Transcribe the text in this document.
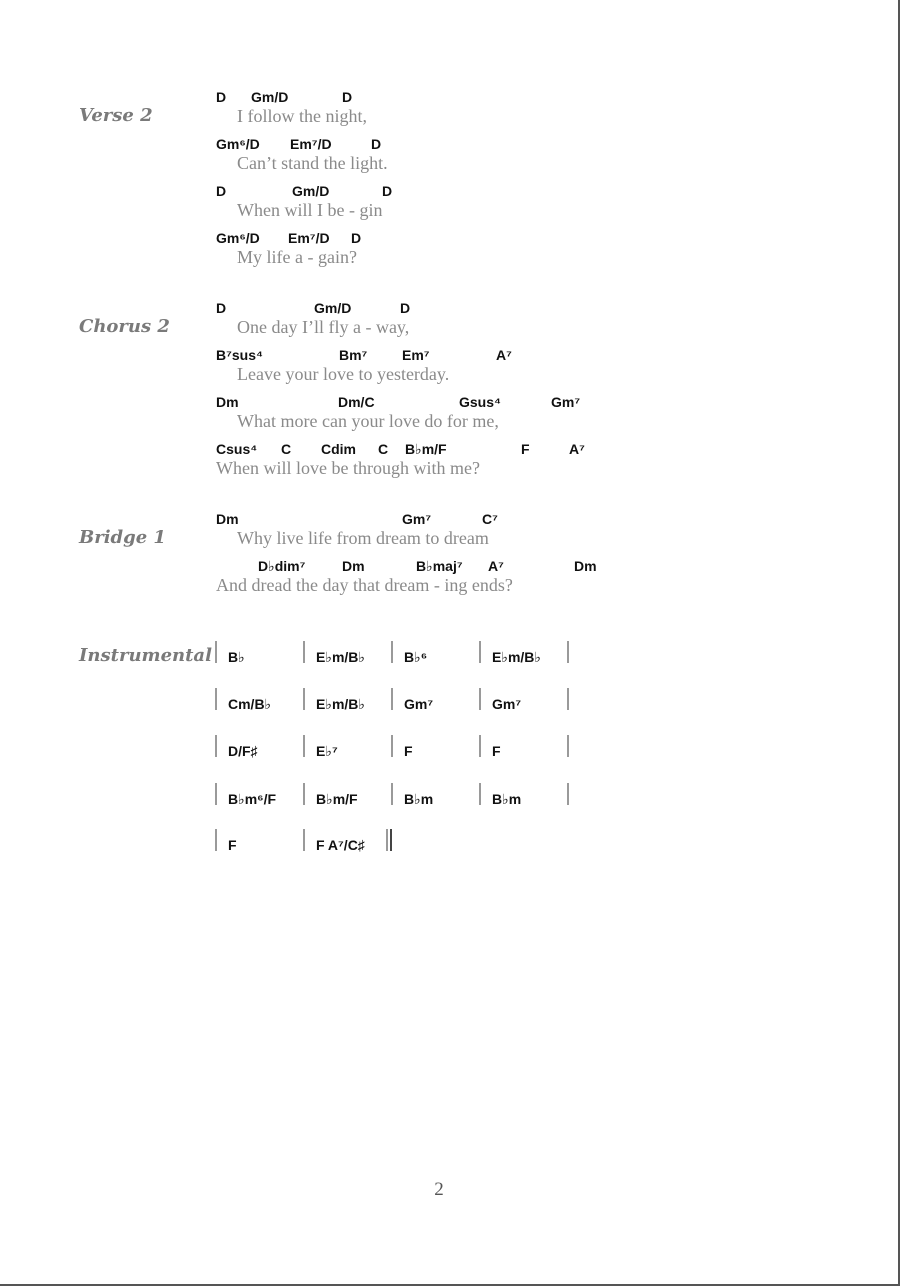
Verse 2
D Gm/D	D
I follow the night,
Gm⁶/D Em⁷/D	D
Can’t stand the light.
D	Gm/D	D
When will I be - gin
Gm⁶/D Em⁷/D D
My life a - gain?
Chorus 2
D	Gm/D	D
One day I’ll fly a - way,
B⁷sus⁴	Bm⁷ Em⁷	A⁷
Leave your love to yesterday.
Dm	Dm/C	Gsus⁴	Gm⁷
What more can your love do for me,
Csus⁴ C Cdim C B♭m/F	F	A⁷
When will love be through with me?
Bridge 1
Dm	Gm⁷	C⁷
Why live life from dream to dream
D♭dim⁷	Dm	B♭maj⁷ A⁷	Dm
And dread the day that dream - ing ends?
Instrumental B♭	E♭m/B♭	B♭⁶	E♭m/B♭
Cm/B♭	E♭m/B♭	Gm⁷	Gm⁷
D/F♯	E♭⁷	F	F
B♭m⁶/F	B♭m/F	B♭m	B♭m
F	F A⁷/C♯
2
